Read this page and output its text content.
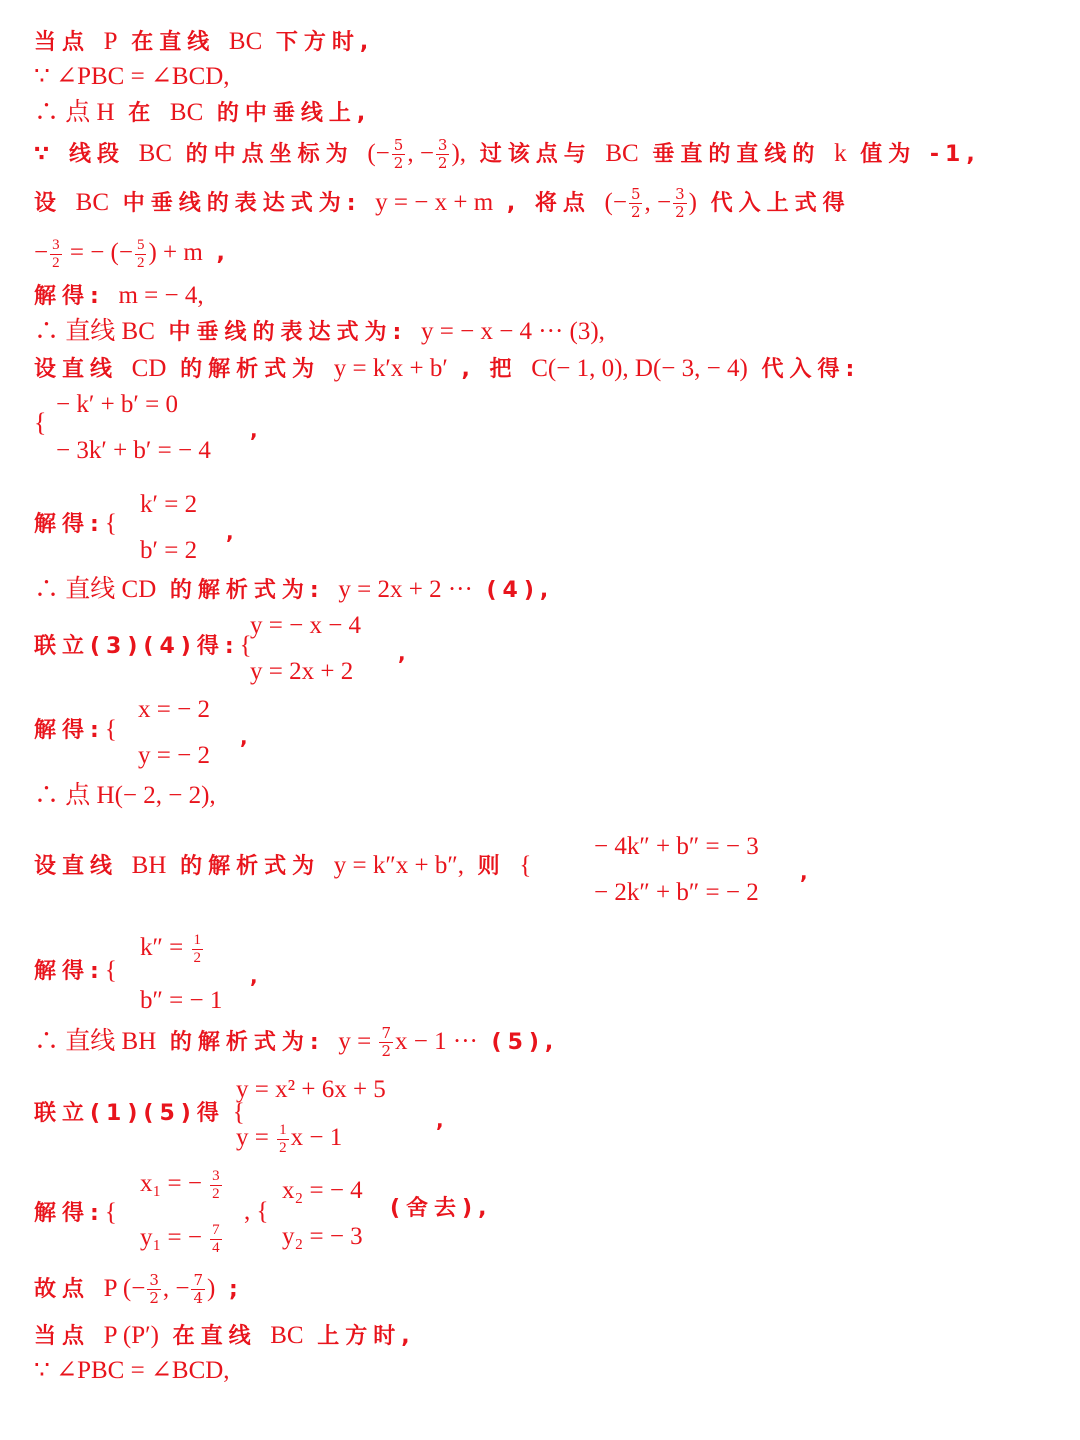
当点 P 在直线 BC 下方时,
∵ ∠PBC = ∠BCD,
∴ 点 H 在 BC 的中垂线上,
∵ 线段 BC 的中点坐标为 (− $\frac{5}{2}$ , − $\frac{3}{2}$ ), 过该点与 BC 垂直的直线的 k 值为 -1,
设 BC 中垂线的表达式为: y = − x + m , 将点 (− $\frac{5}{2}$ , − $\frac{3}{2}$ ) 代入上式得
− $\frac{3}{2}$ = − (− $\frac{5}{2}$ ) + m ,
解得: m = − 4,
∴ 直线 BC 中垂线的表达式为: y = − x − 4 ··· (3),
设直线 CD 的解析式为 y = k′x + b′ , 把 C(− 1, 0), D(− 3, − 4) 代入得:
{
− k′ + b′ = 0
− 3k′ + b′ = − 4
,
解得:{
k′ = 2
b′ = 2
,
∴ 直线 CD 的解析式为: y = 2x + 2 ··· (4),
联立(3)(4)得:{
y = − x − 4
y = 2x + 2
,
解得:{
x = − 2
y = − 2
,
∴ 点 H(− 2, − 2),
设直线 BH 的解析式为 y = k″x + b″, 则 {
− 4k″ + b″ = − 3
− 2k″ + b″ = − 2
,
解得:{
$k'' = \frac{1}{2}$
b″ = − 1
,
∴ 直线 BH 的解析式为: $y = \frac{7}{2}$ x − 1 ··· (5),
联立(1)(5)得 {
y = x² + 6x + 5
$y = \frac{1}{2}$ x − 1
,
解得:{
x₁ = − $\frac{3}{2}$
y₁ = − $\frac{7}{4}$
, {
x₂ = − 4
y₂ = − 3
(舍去),
故点 P (− $\frac{3}{2}$ , − $\frac{7}{4}$ ) ;
当点 P (P′) 在直线 BC 上方时,
∵ ∠PBC = ∠BCD,
